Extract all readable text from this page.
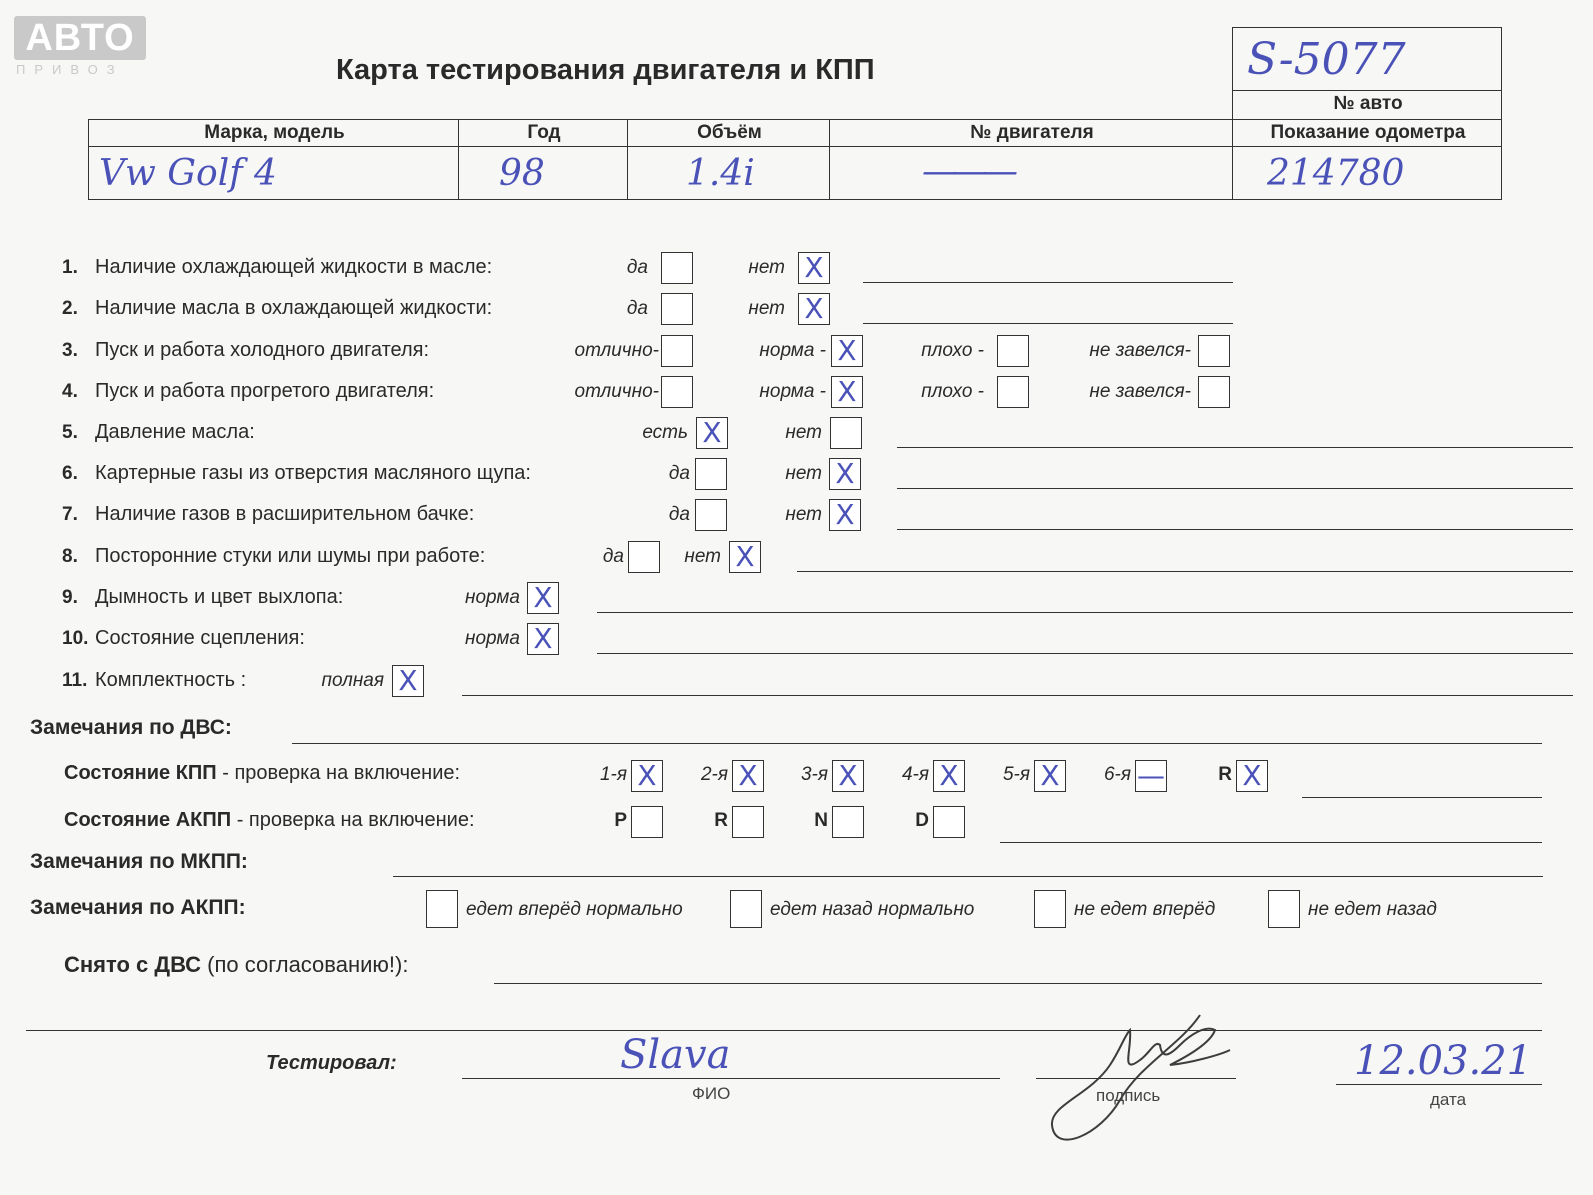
АВТО
ПРИВОЗ	Карта тестирования двигателя и КПП	S-5077
№ авто
Марка, модель	Год	Объём	№ двигателя	Показание одометра
Vw Golf 4	98	1.4i	———	214780
1. Наличие охлаждающей жидкости в масле:	да	нет X
2. Наличие масла в охлаждающей жидкости:	да	нет X
3. Пуск и работа холодного двигателя:	отлично-	норма - X	плохо -	не завелся-
4. Пуск и работа прогретого двигателя:	отлично-	норма - X	плохо -	не завелся-
5. Давление масла:	есть X	нет
6. Картерные газы из отверстия масляного щупа:	да	нет X
7. Наличие газов в расширительном бачке:	да	нет X
8. Посторонние стуки или шумы при работе:	да	нет X
9. Дымность и цвет выхлопа:	норма X
10. Состояние сцепления:	норма X
11. Комплектность :	полная X
Замечания по ДВС:
Состояние КПП - проверка на включение:	1-я X	2-я X	3-я X	4-я X	5-я X	6-я —	R X
Состояние АКПП - проверка на включение:	P	R	N	D
Замечания по МКПП:
Замечания по АКПП:	едет вперёд нормально	едет назад нормально	не едет вперёд	не едет назад
Снято с ДВС (по согласованию!):
Тестировал:	Slava
ФИО	подпись
12.03.21
дата
